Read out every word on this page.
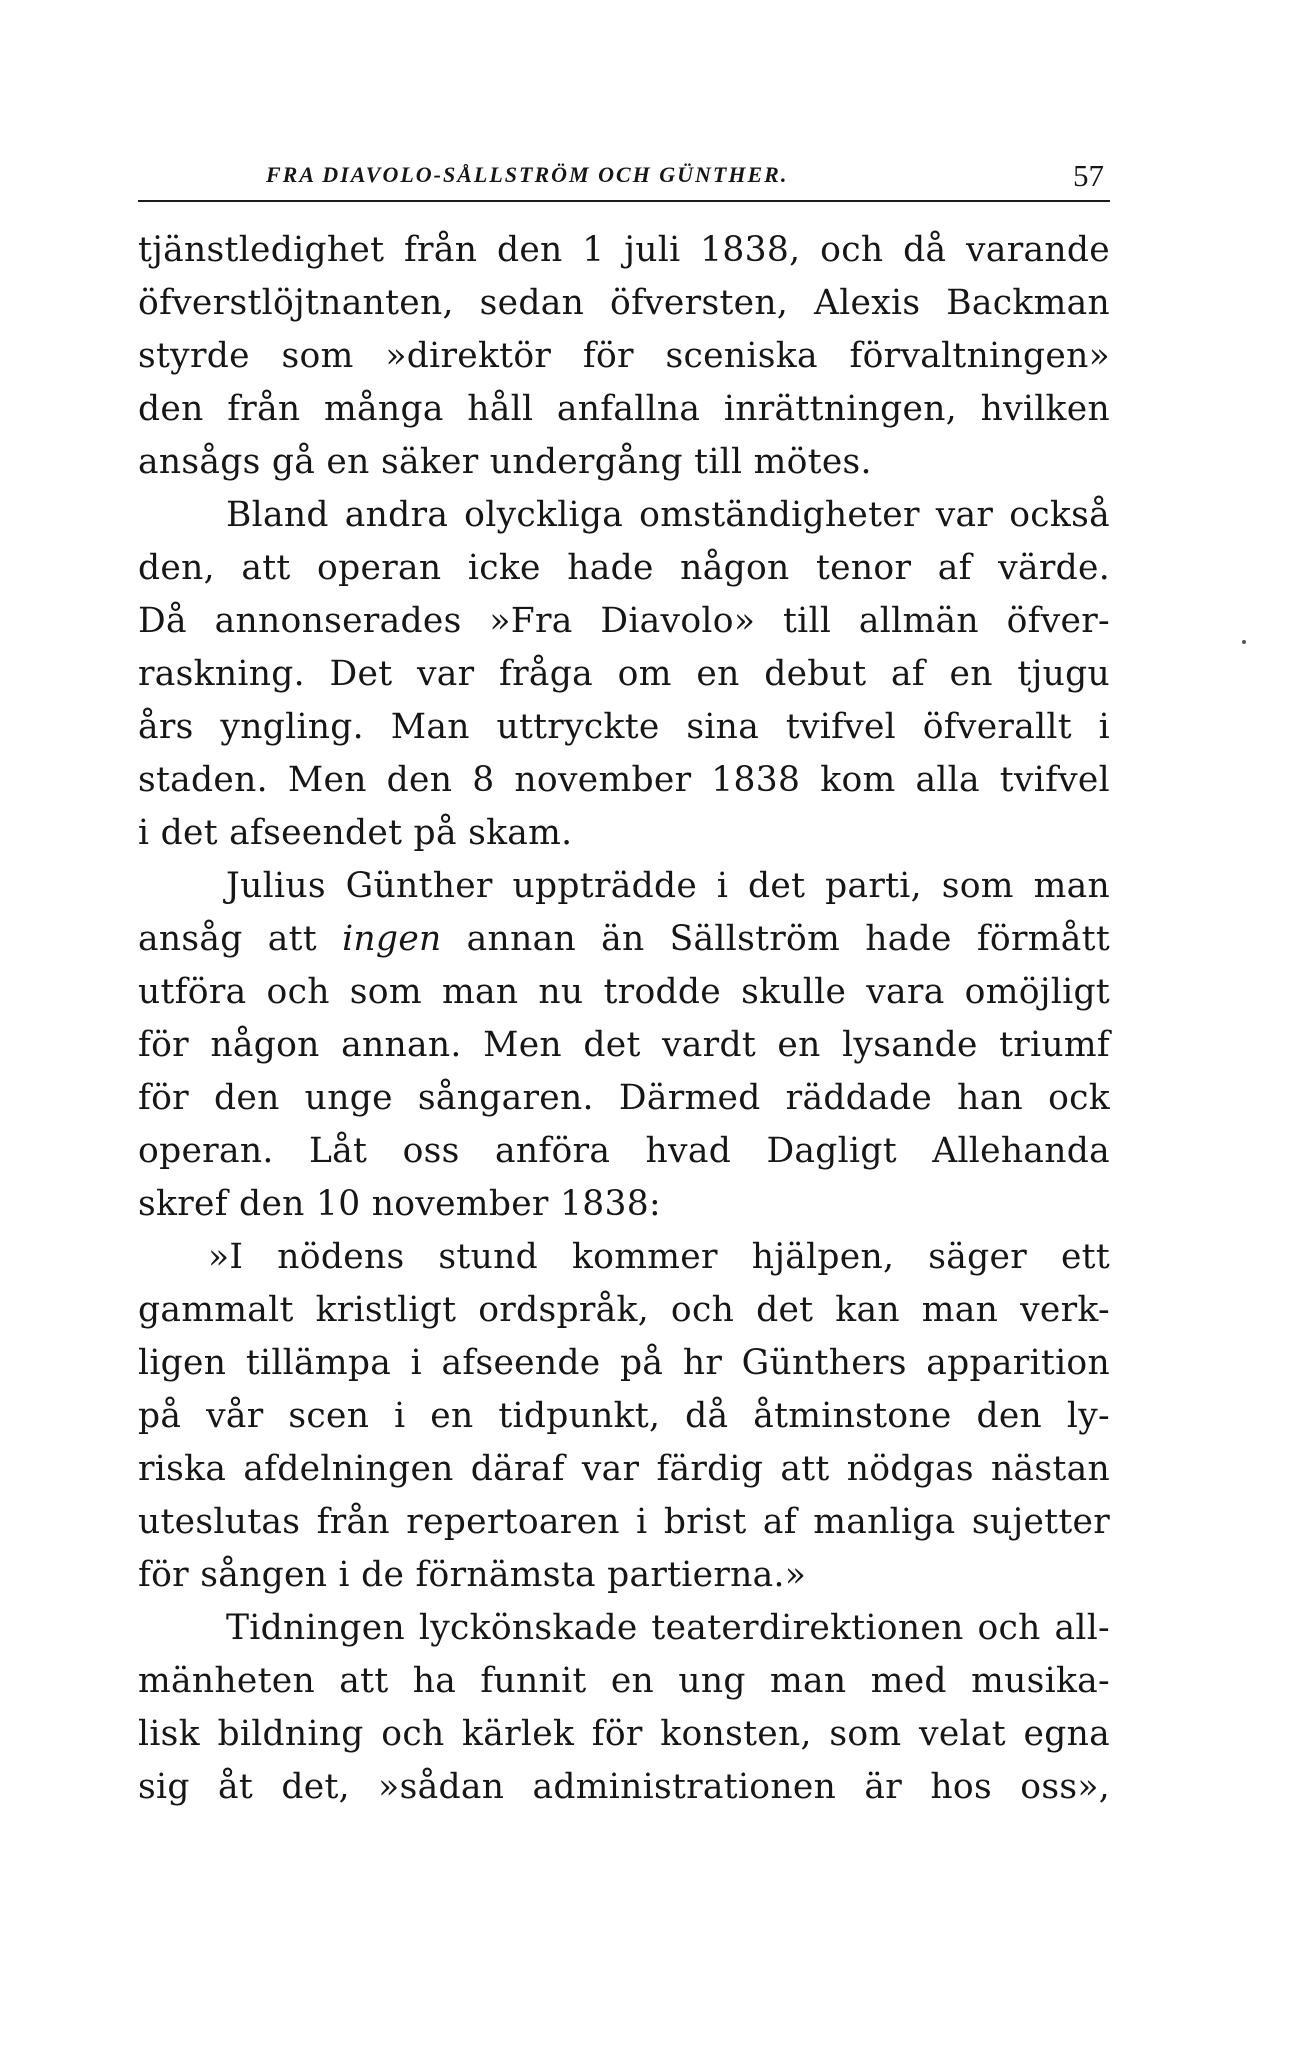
FRA DIAVOLO-SÅLLSTRÖM OCH GÜNTHER.	57
tjänstledighet från den 1 juli 1838, och då varande
öfverstlöjtnanten, sedan öfversten, Alexis Backman
styrde som »direktör för sceniska förvaltningen»
den från många håll anfallna inrättningen, hvilken
ansågs gå en säker undergång till mötes.
Bland andra olyckliga omständigheter var också
den, att operan icke hade någon tenor af värde.
Då annonserades »Fra Diavolo» till allmän öfver-
raskning. Det var fråga om en debut af en tjugu
års yngling. Man uttryckte sina tvifvel öfverallt i
staden. Men den 8 november 1838 kom alla tvifvel
i det afseendet på skam.
Julius Günther uppträdde i det parti, som man
ansåg att ingen annan än Sällström hade förmått
utföra och som man nu trodde skulle vara omöjligt
för någon annan. Men det vardt en lysande triumf
för den unge sångaren. Därmed räddade han ock
operan. Låt oss anföra hvad Dagligt Allehanda
skref den 10 november 1838:
»I nödens stund kommer hjälpen, säger ett
gammalt kristligt ordspråk, och det kan man verk-
ligen tillämpa i afseende på hr Günthers apparition
på vår scen i en tidpunkt, då åtminstone den ly-
riska afdelningen däraf var färdig att nödgas nästan
uteslutas från repertoaren i brist af manliga sujetter
för sången i de förnämsta partierna.»
Tidningen lyckönskade teaterdirektionen och all-
mänheten att ha funnit en ung man med musika-
lisk bildning och kärlek för konsten, som velat egna
sig åt det, »sådan administrationen är hos oss»,
